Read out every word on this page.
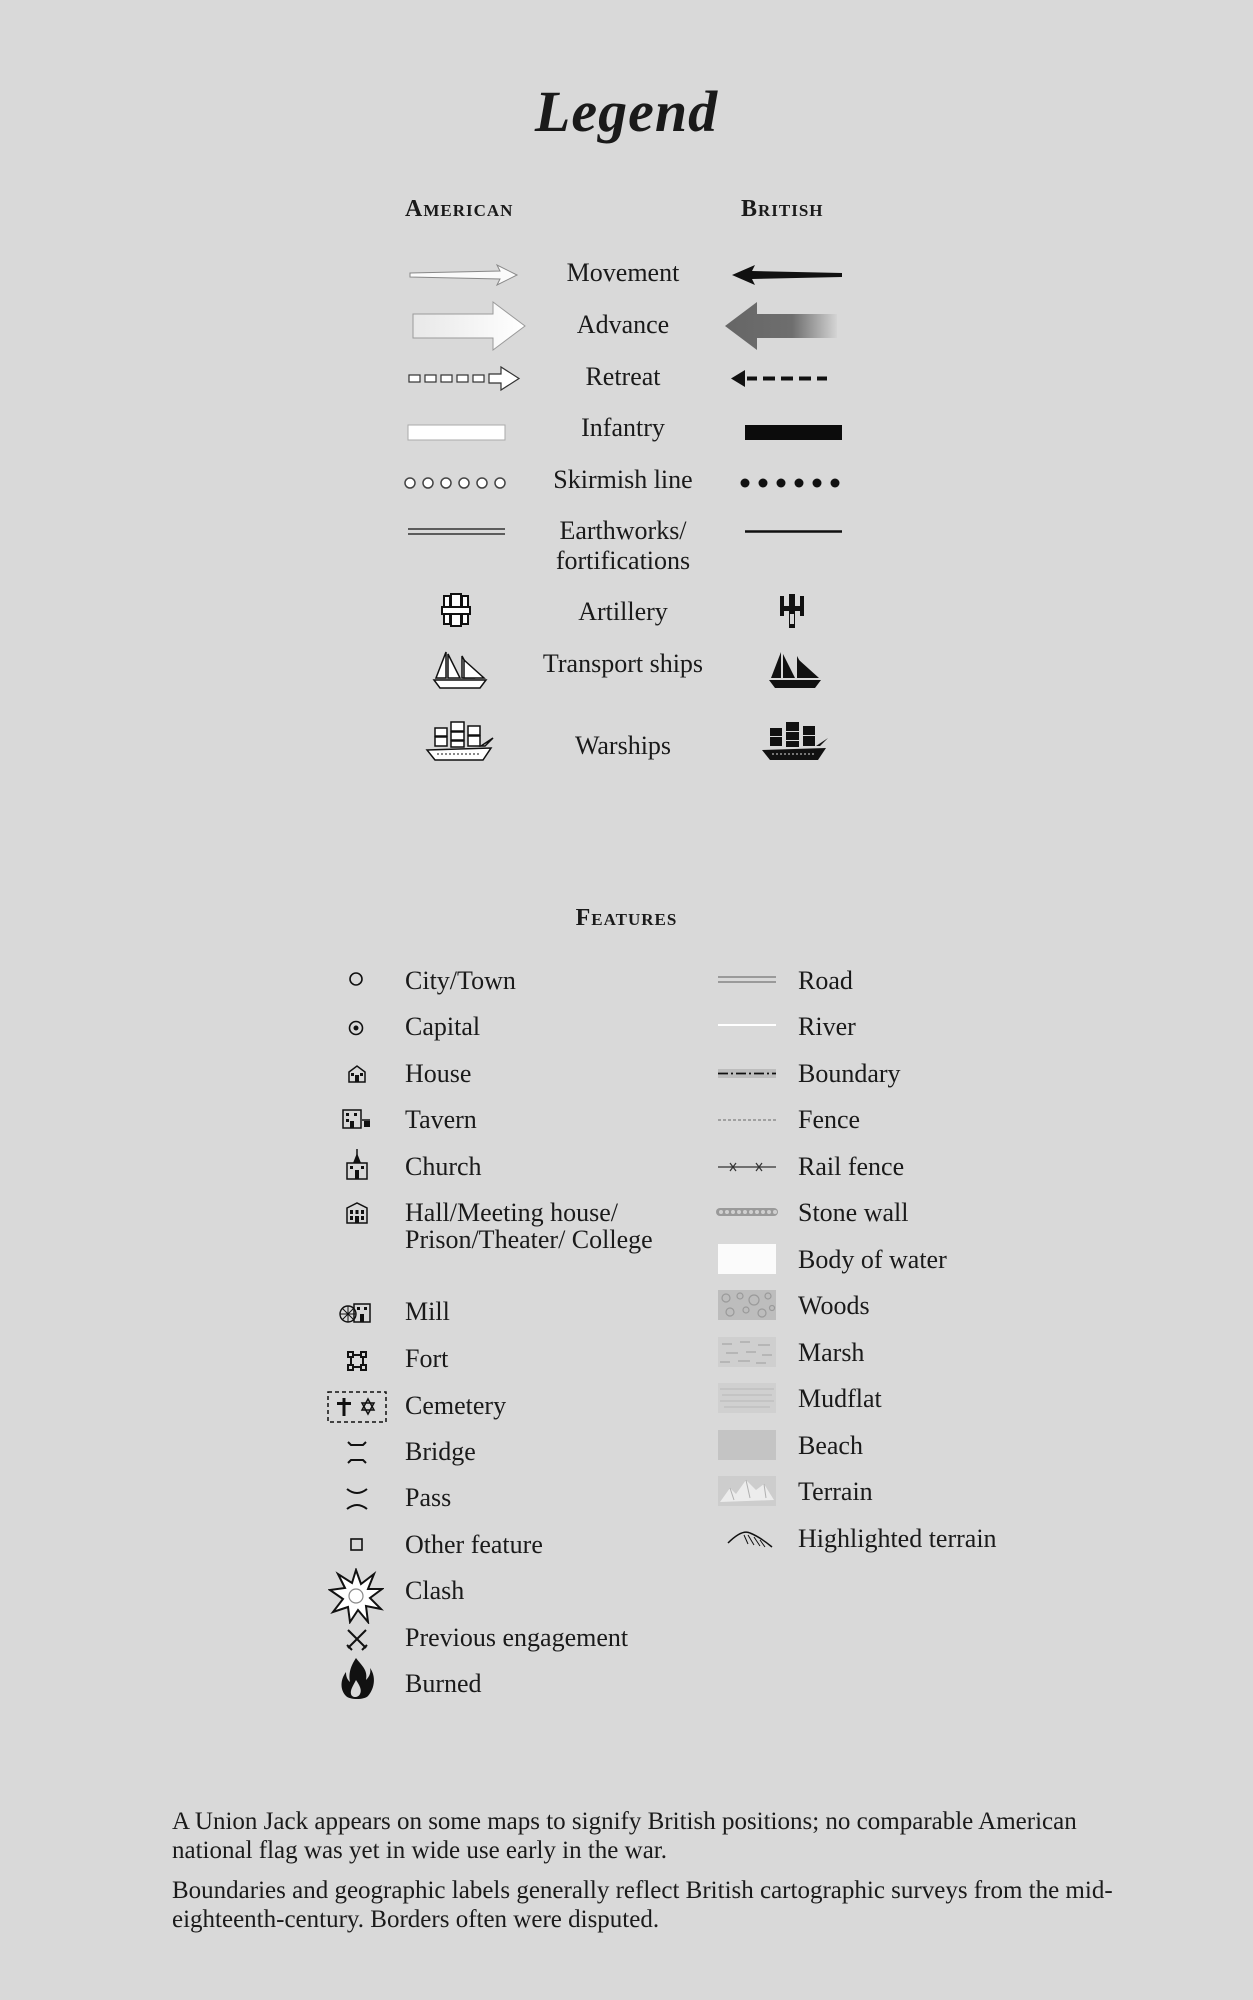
Legend
American	British
Movement
Advance
Retreat
Infantry
Skirmish line
Earthworks/ fortifications
Artillery
Transport ships
Warships
Features
City/Town
Capital
House
Tavern
Church
Hall/Meeting house/ Prison/Theater/ College
Mill
Fort
Cemetery
Bridge
Pass
Other feature
Clash
Previous engagement
Burned
Road
River
Boundary
Fence
Rail fence
Stone wall
Body of water
Woods
Marsh
Mudflat
Beach
Terrain
Highlighted terrain
A Union Jack appears on some maps to signify British positions; no comparable American national flag was yet in wide use early in the war.
Boundaries and geographic labels generally reflect British cartographic surveys from the mid-eighteenth-century. Borders often were disputed.
